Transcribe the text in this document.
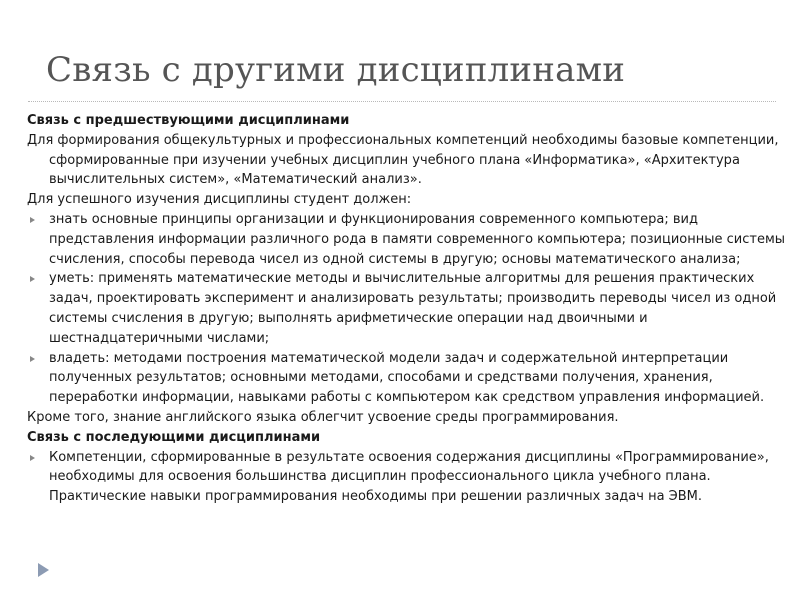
Связь с другими дисциплинами

Связь с предшествующими дисциплинами

Для формирования общекультурных и профессиональных компетенций необходимы базовые компетенции, сформированные при изучении учебных дисциплин учебного плана «Информатика», «Архитектура вычислительных систем», «Математический анализ».

Для успешного изучения дисциплины студент должен:

знать основные принципы организации и функционирования современного компьютера; вид представления информации различного рода в памяти современного компьютера; позиционные системы счисления, способы перевода чисел из одной системы в другую; основы математического анализа;
уметь: применять математические методы и вычислительные алгоритмы для решения практических задач, проектировать эксперимент и анализировать результаты; производить переводы чисел из одной системы счисления в другую; выполнять арифметические операции над двоичными и шестнадцатеричными числами;
владеть: методами построения математической модели задач и содержательной интерпретации полученных результатов; основными методами, способами и средствами получения, хранения, переработки информации, навыками работы с компьютером как средством управления информацией.

Кроме того, знание английского языка облегчит усвоение среды программирования.

Связь с последующими дисциплинами

Компетенции, сформированные в результате освоения содержания дисциплины «Программирование», необходимы для освоения большинства дисциплин профессионального цикла учебного плана. Практические навыки программирования необходимы при решении различных задач на ЭВМ.
